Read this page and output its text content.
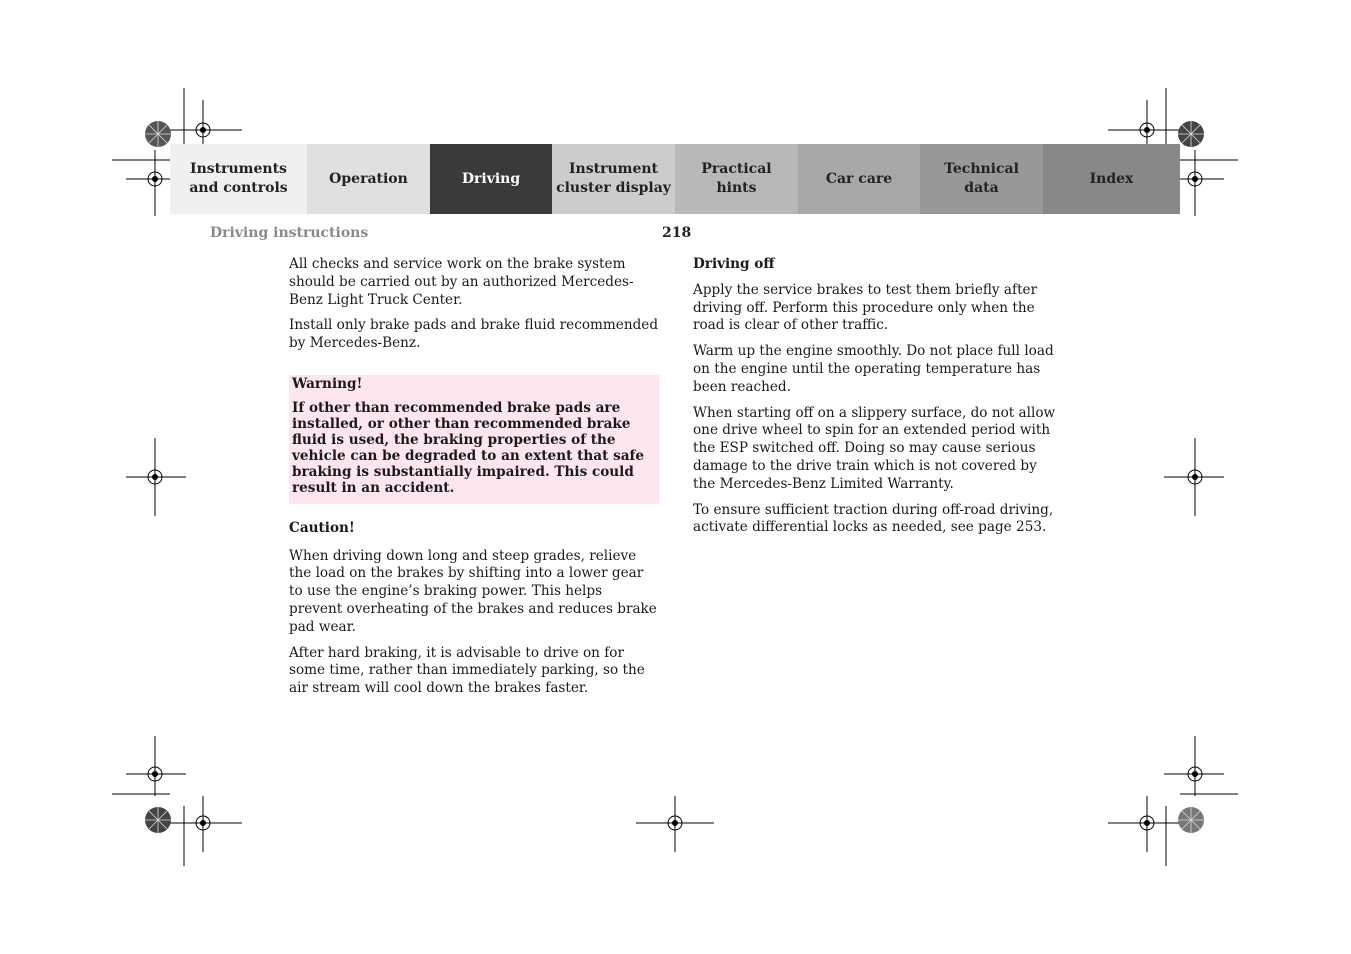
Instruments
and controls
Operation	Driving
Instrument
cluster display
Practical hints
Car care
Technical
data
Index
Driving instructions	218

All checks and service work on the brake system should be carried out by an authorized Mercedes-Benz Light Truck Center.

Install only brake pads and brake fluid recommended by Mercedes-Benz.

Warning!
If other than recommended brake pads are installed, or other than recommended brake fluid is used, the braking properties of the vehicle can be degraded to an extent that safe braking is substantially impaired. This could result in an accident.
Caution!

When driving down long and steep grades, relieve the load on the brakes by shifting into a lower gear to use the engine’s braking power. This helps prevent overheating of the brakes and reduces brake pad wear.

After hard braking, it is advisable to drive on for some time, rather than immediately parking, so the air stream will cool down the brakes faster.

Driving off

Apply the service brakes to test them briefly after driving off. Perform this procedure only when the road is clear of other traffic.

Warm up the engine smoothly. Do not place full load on the engine until the operating temperature has been reached.

When starting off on a slippery surface, do not allow one drive wheel to spin for an extended period with the ESP switched off. Doing so may cause serious damage to the drive train which is not covered by the Mercedes-Benz Limited Warranty.

To ensure sufficient traction during off-road driving, activate differential locks as needed, see page 253.
